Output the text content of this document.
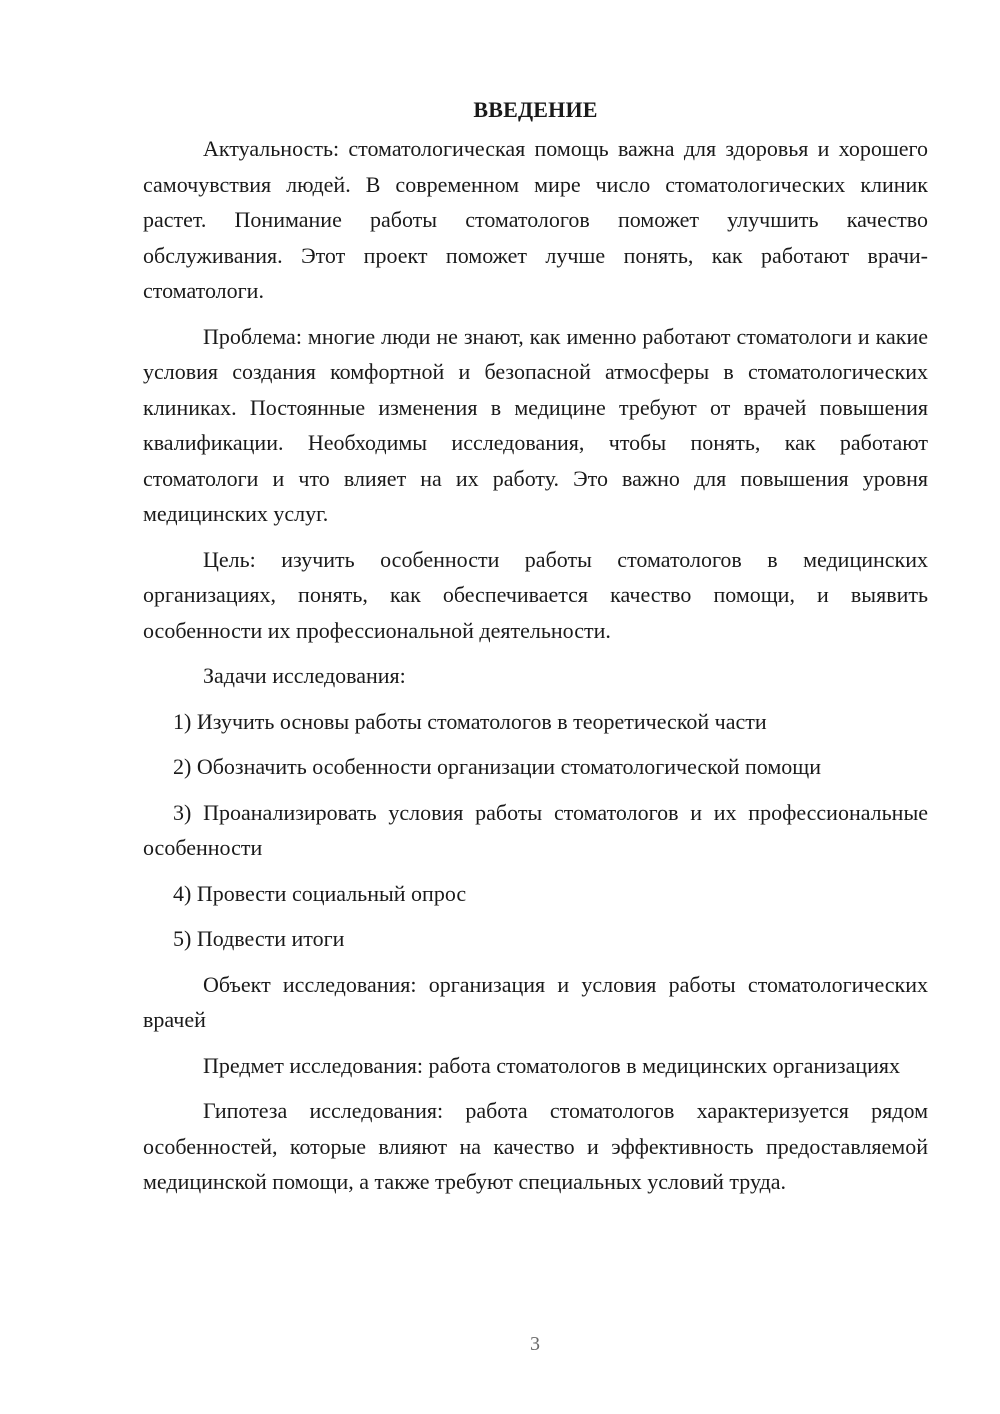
ВВЕДЕНИЕ

Актуальность: стоматологическая помощь важна для здоровья и хорошего самочувствия людей. В современном мире число стоматологических клиник растет. Понимание работы стоматологов поможет улучшить качество обслуживания. Этот проект поможет лучше понять, как работают врачи-стоматологи.

Проблема: многие люди не знают, как именно работают стоматологи и какие условия создания комфортной и безопасной атмосферы в стоматологических клиниках. Постоянные изменения в медицине требуют от врачей повышения квалификации. Необходимы исследования, чтобы понять, как работают стоматологи и что влияет на их работу. Это важно для повышения уровня медицинских услуг.

Цель: изучить особенности работы стоматологов в медицинских организациях, понять, как обеспечивается качество помощи, и выявить особенности их профессиональной деятельности.

Задачи исследования:

1) Изучить основы работы стоматологов в теоретической части

2) Обозначить особенности организации стоматологической помощи

3) Проанализировать условия работы стоматологов и их профессиональные особенности

4) Провести социальный опрос

5) Подвести итоги

Объект исследования: организация и условия работы стоматологических врачей

Предмет исследования: работа стоматологов в медицинских организациях

Гипотеза исследования: работа стоматологов характеризуется рядом особенностей, которые влияют на качество и эффективность предоставляемой медицинской помощи, а также требуют специальных условий труда.

3
